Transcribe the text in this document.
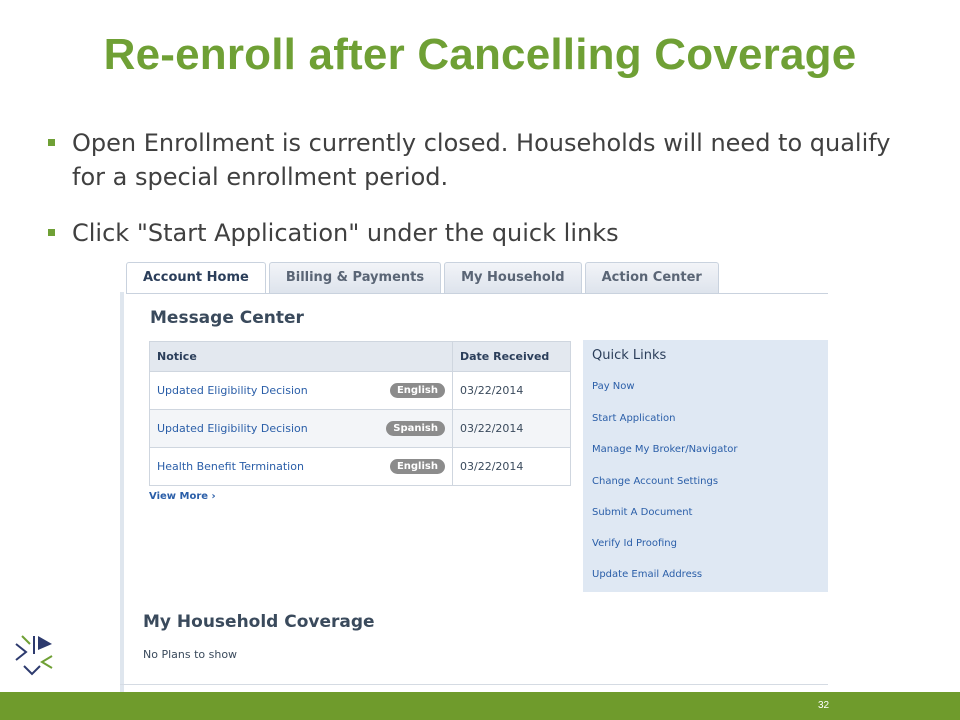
Re-enroll after Cancelling Coverage
Open Enrollment is currently closed. Households will need to qualify for a special enrollment period.
Click "Start Application" under the quick links
Account Home	Billing & Payments	My Household	Action Center
Message Center
Notice	Date Received

Updated Eligibility Decision English	03/22/2014

Updated Eligibility Decision Spanish	03/22/2014

Health Benefit Termination English	03/22/2014
View More ›
Quick Links
Pay Now
Start Application
Manage My Broker/Navigator
Change Account Settings
Submit A Document
Verify Id Proofing
Update Email Address
My Household Coverage
No Plans to show
32
